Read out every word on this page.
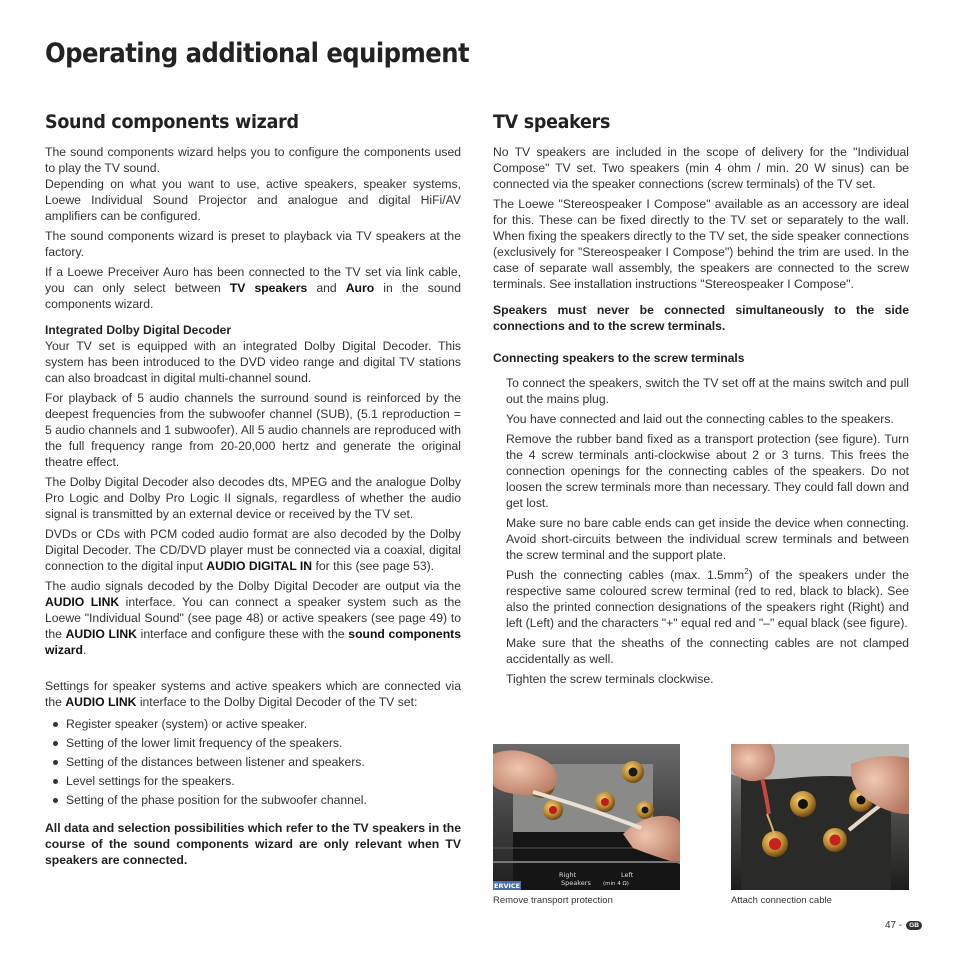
Operating additional equipment
Sound components wizard

The sound components wizard helps you to configure the components used to play the TV sound.

Depending on what you want to use, active speakers, speaker systems, Loewe Individual Sound Projector and analogue and digital HiFi/AV amplifiers can be configured.

The sound components wizard is preset to playback via TV speakers at the factory.

If a Loewe Preceiver Auro has been connected to the TV set via link cable, you can only select between TV speakers and Auro in the sound components wizard.

Integrated Dolby Digital Decoder

Your TV set is equipped with an integrated Dolby Digital Decoder. This system has been introduced to the DVD video range and digital TV stations can also broadcast in digital multi-channel sound.

For playback of 5 audio channels the surround sound is reinforced by the deepest frequencies from the subwoofer channel (SUB), (5.1 reproduction = 5 audio channels and 1 subwoofer). All 5 audio channels are reproduced with the full frequency range from 20-20,000 hertz and generate the original theatre effect.

The Dolby Digital Decoder also decodes dts, MPEG and the analogue Dolby Pro Logic and Dolby Pro Logic II signals, regardless of whether the audio signal is transmitted by an external device or received by the TV set.

DVDs or CDs with PCM coded audio format are also decoded by the Dolby Digital Decoder. The CD/DVD player must be connected via a coaxial, digital connection to the digital input AUDIO DIGITAL IN for this (see page 53).

The audio signals decoded by the Dolby Digital Decoder are output via the AUDIO LINK interface. You can connect a speaker system such as the Loewe "Individual Sound" (see page 48) or active speakers (see page 49) to the AUDIO LINK interface and configure these with the sound components wizard.

Settings for speaker systems and active speakers which are connected via the AUDIO LINK interface to the Dolby Digital Decoder of the TV set:

Register speaker (system) or active speaker.
Setting of the lower limit frequency of the speakers.
Setting of the distances between listener and speakers.
Level settings for the speakers.
Setting of the phase position for the subwoofer channel.

All data and selection possibilities which refer to the TV speakers in the course of the sound components wizard are only relevant when TV speakers are connected.

TV speakers

No TV speakers are included in the scope of delivery for the "Individual Compose" TV set. Two speakers (min 4 ohm / min. 20 W sinus) can be connected via the speaker connections (screw terminals) of the TV set.

The Loewe "Stereospeaker I Compose" available as an accessory are ideal for this. These can be fixed directly to the TV set or separately to the wall. When fixing the speakers directly to the TV set, the side speaker connections (exclusively for "Stereospeaker I Compose") behind the trim are used. In the case of separate wall assembly, the speakers are connected to the screw terminals. See installation instructions "Stereospeaker I Compose".

Speakers must never be connected simultaneously to the side connections and to the screw terminals.

Connecting speakers to the screw terminals

To connect the speakers, switch the TV set off at the mains switch and pull out the mains plug.

You have connected and laid out the connecting cables to the speakers.

Remove the rubber band fixed as a transport protection (see figure). Turn the 4 screw terminals anti-clockwise about 2 or 3 turns. This frees the connection openings for the connecting cables of the speakers. Do not loosen the screw terminals more than necessary. They could fall down and get lost.

Make sure no bare cable ends can get inside the device when connecting. Avoid short-circuits between the individual screw terminals and between the screw terminal and the support plate.

Push the connecting cables (max. $1.5mm^2$) of the speakers under the respective same coloured screw terminal (red to red, black to black). See also the printed connection designations of the speakers right (Right) and left (Left) and the characters "+" equal red and "–" equal black (see figure).

Make sure that the sheaths of the connecting cables are not clamped accidentally as well.

Tighten the screw terminals clockwise.

ERVICE
Right	Left
Speakers (min 4 Ω)
Remove transport protection	Attach connection cable
47 - GB
